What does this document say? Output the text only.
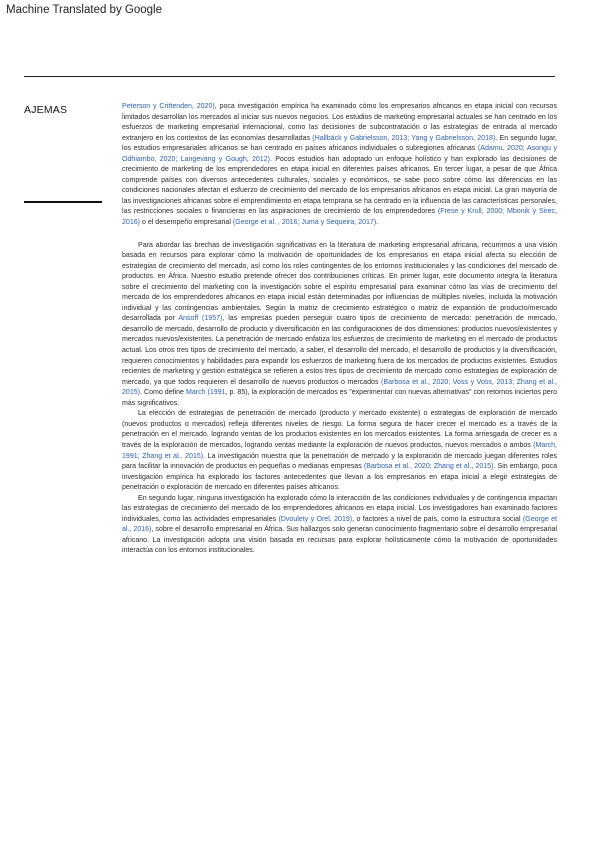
Machine Translated by Google
AJEMAS	Peterson y Crittenden, 2020), poca investigación empírica ha examinado cómo los empresarios africanos en etapa inicial con recursos limitados desarrollan los mercados al iniciar sus nuevos negocios. Los estudios de marketing empresarial actuales se han centrado en los esfuerzos de marketing empresarial internacional, como las decisiones de subcontratación o las estrategias de entrada al mercado extranjero en los contextos de las economías desarrolladas (Hallbäck y Gabrielsson, 2013; Yang y Gabrielsson, 2018). En segundo lugar, los estudios empresariales africanos se han centrado en países africanos individuales o subregiones africanas (Adamu, 2020; Asongu y Odhiambo, 2020; Langevang y Gough, 2012). Pocos estudios han adoptado un enfoque holístico y han explorado las decisiones de crecimiento de marketing de los emprendedores en etapa inicial en diferentes países africanos. En tercer lugar, a pesar de que África comprende países con diversos antecedentes culturales, sociales y económicos, se sabe poco sobre cómo las diferencias en las condiciones nacionales afectan el esfuerzo de crecimiento del mercado de los empresarios africanos en etapa inicial. La gran mayoría de las investigaciones africanas sobre el emprendimiento en etapa temprana se ha centrado en la influencia de las características personales, las restricciones sociales o financieras en las aspiraciones de crecimiento de los emprendedores (Frese y Krull, 2000; Mbonik y Sirec, 2016) o el desempeño empresarial (George et al. , 2016; Juma y Sequeira, 2017).

Para abordar las brechas de investigación significativas en la literatura de marketing empresarial africana, recurrimos a una visión basada en recursos para explorar cómo la motivación de oportunidades de los empresarios en etapa inicial afecta su elección de estrategias de crecimiento del mercado, así como los roles contingentes de los entornos institucionales y las condiciones del mercado de productos. en África. Nuestro estudio pretende ofrecer dos contribuciones críticas. En primer lugar, este documento integra la literatura sobre el crecimiento del marketing con la investigación sobre el espíritu empresarial para examinar cómo las vías de crecimiento del mercado de los emprendedores africanos en etapa inicial están determinadas por influencias de múltiples niveles, incluida la motivación individual y las contingencias ambientales. Según la matriz de crecimiento estratégico o matriz de expansión de producto/mercado desarrollada por Ansoff (1957), las empresas pueden perseguir cuatro tipos de crecimiento de mercado: penetración de mercado, desarrollo de mercado, desarrollo de producto y diversificación en las configuraciones de dos dimensiones: productos nuevos/existentes y mercados nuevos/existentes. La penetración de mercado enfatiza los esfuerzos de crecimiento de marketing en el mercado de productos actual. Los otros tres tipos de crecimiento del mercado, a saber, el desarrollo del mercado, el desarrollo de productos y la diversificación, requieren conocimientos y habilidades para expandir los esfuerzos de marketing fuera de los mercados de productos existentes. Estudios recientes de marketing y gestión estratégica se refieren a estos tres tipos de crecimiento de mercado como estrategias de exploración de mercado, ya que todos requieren el desarrollo de nuevos productos o mercados (Barbosa et al., 2020; Voss y Voss, 2013; Zhang et al., 2015). Como define March (1991, p. 85), la exploración de mercados es "experimentar con nuevas alternativas" con retornos inciertos pero más significativos.

La elección de estrategias de penetración de mercado (producto y mercado existente) o estrategias de exploración de mercado (nuevos productos o mercados) refleja diferentes niveles de riesgo. La forma segura de hacer crecer el mercado es a través de la penetración en el mercado, logrando ventas de los productos existentes en los mercados existentes. La forma arriesgada de crecer es a través de la exploración de mercados, logrando ventas mediante la exploración de nuevos productos, nuevos mercados o ambos (March, 1991; Zhang et al., 2015). La investigación muestra que la penetración de mercado y la exploración de mercado juegan diferentes roles para facilitar la innovación de productos en pequeñas o medianas empresas (Barbosa et al., 2020; Zhang et al., 2015). Sin embargo, poca investigación empírica ha explorado los factores antecedentes que llevan a los empresarios en etapa inicial a elegir estrategias de penetración o exploración de mercado en diferentes países africanos.

En segundo lugar, ninguna investigación ha explorado cómo la interacción de las condiciones individuales y de contingencia impactan las estrategias de crecimiento del mercado de los emprendedores africanos en etapa inicial. Los investigadores han examinado factores individuales, como las actividades empresariales (Dvoulety y Orel, 2019), o factores a nivel de país, como la estructura social (George et al., 2016), sobre el desarrollo empresarial en África. Sus hallazgos solo generan conocimiento fragmentario sobre el desarrollo empresarial africano. La investigación adopta una visión basada en recursos para explorar holísticamente cómo la motivación de oportunidades interactúa con los entornos institucionales.
